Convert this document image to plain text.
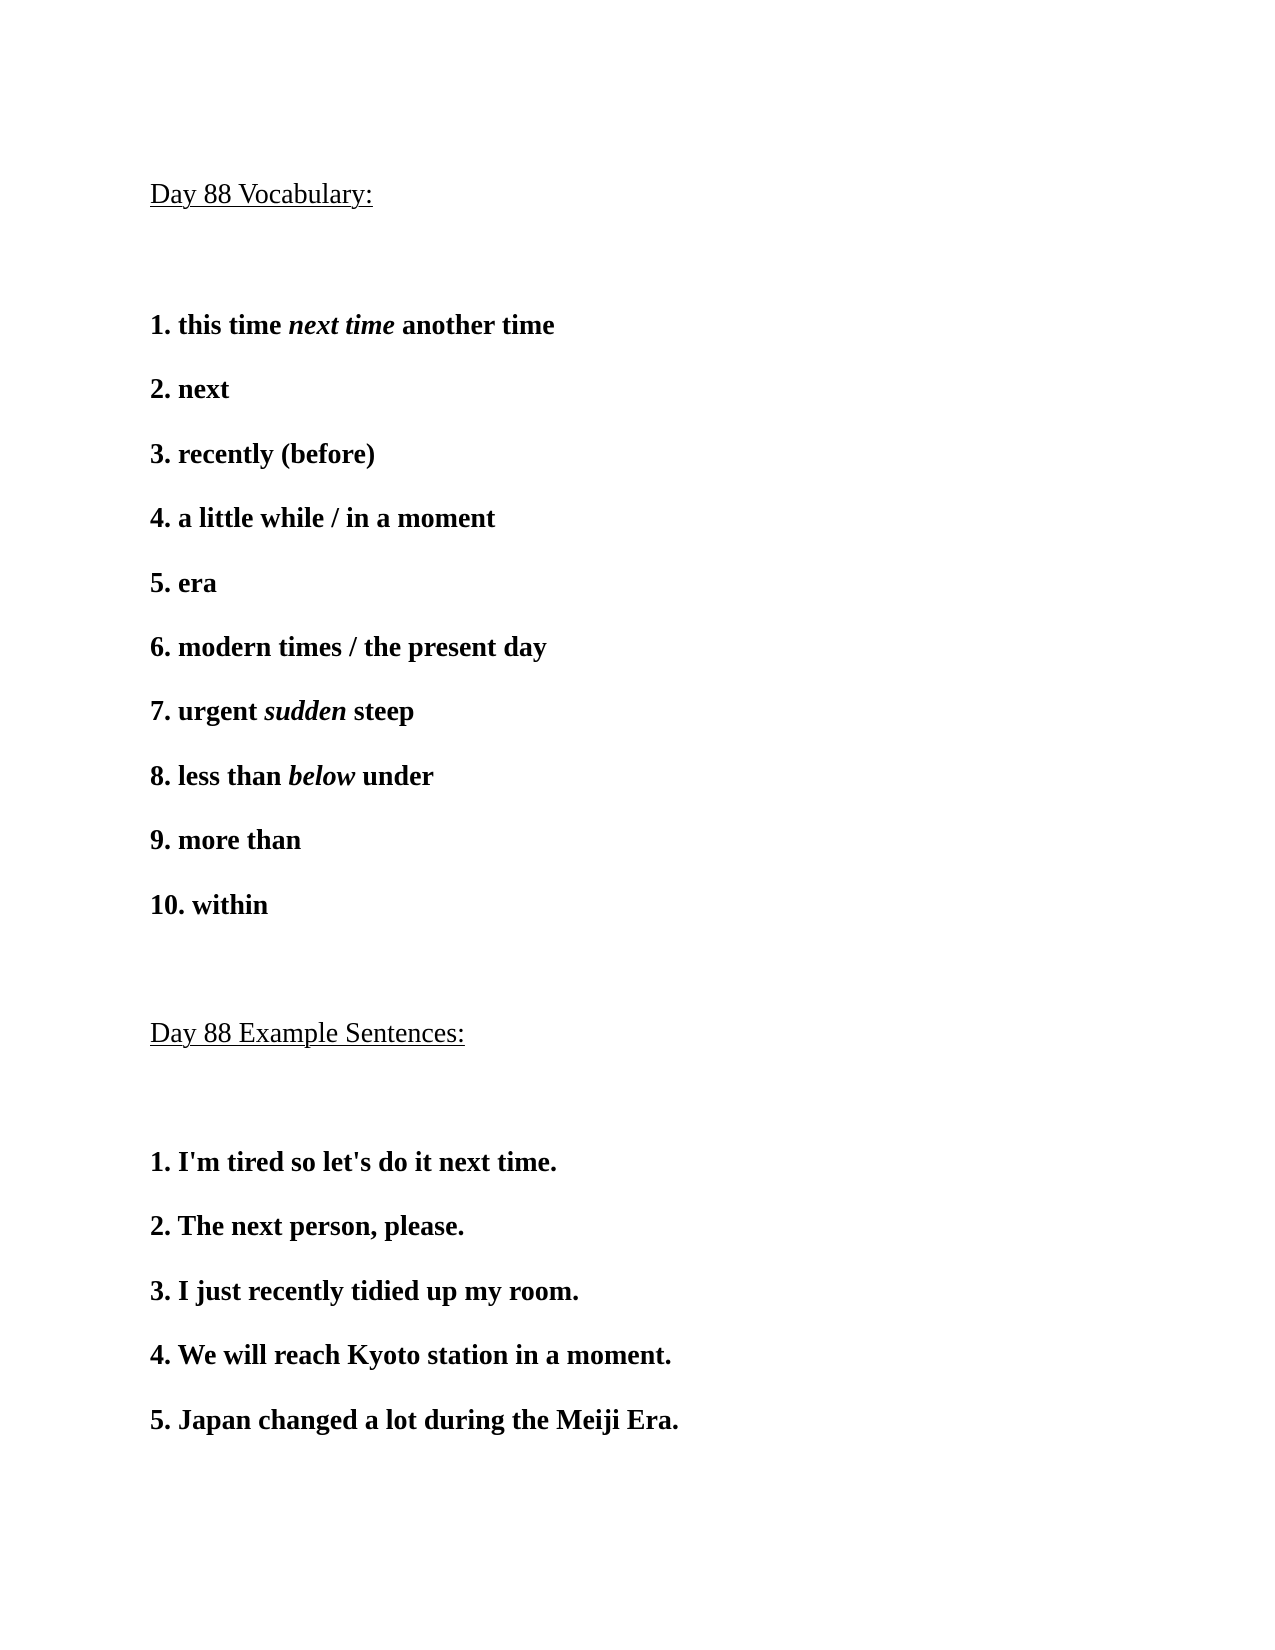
Day 88 Vocabulary:
1. this time next time another time
2. next
3. recently (before)
4. a little while / in a moment
5. era
6. modern times / the present day
7. urgent sudden steep
8. less than below under
9. more than
10. within
Day 88 Example Sentences:
1. I'm tired so let's do it next time.
2. The next person, please.
3. I just recently tidied up my room.
4. We will reach Kyoto station in a moment.
5. Japan changed a lot during the Meiji Era.
